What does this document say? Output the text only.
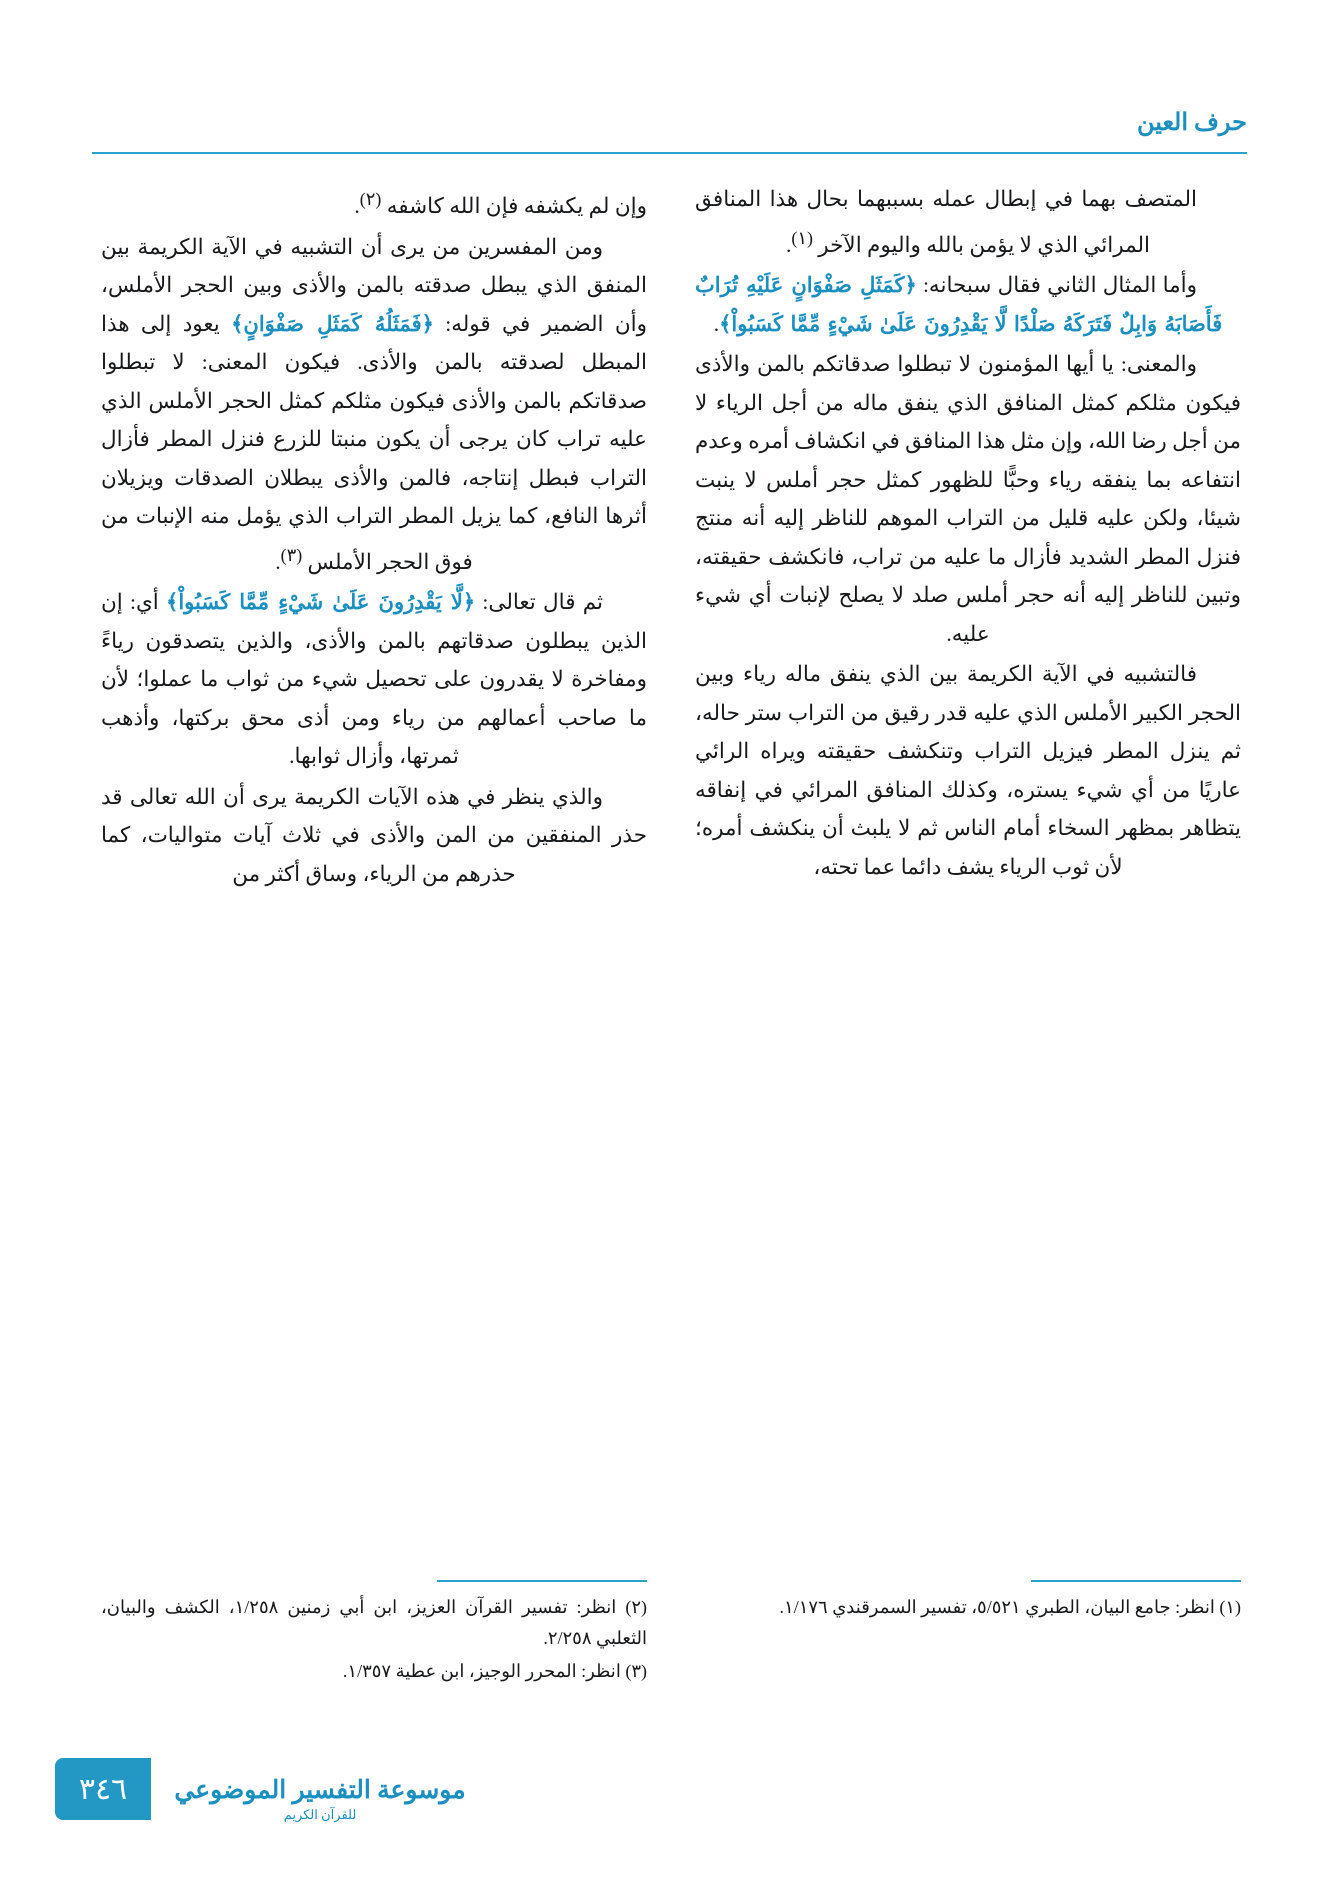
حرف العين

المتصف بهما في إبطال عمله بسببهما بحال هذا المنافق المرائي الذي لا يؤمن بالله واليوم الآخر $^{(١)}$.

وأما المثال الثاني فقال سبحانه: ﴿كَمَثَلِ صَفْوَانٍ عَلَيْهِ تُرَابٌ فَأَصَابَهُ وَابِلٌ فَتَرَكَهُ صَلْدًا لَّا يَقْدِرُونَ عَلَىٰ شَيْءٍ مِّمَّا كَسَبُواْ﴾.

والمعنى: يا أيها المؤمنون لا تبطلوا صدقاتكم بالمن والأذى فيكون مثلكم كمثل المنافق الذي ينفق ماله من أجل الرياء لا من أجل رضا الله، وإن مثل هذا المنافق في انكشاف أمره وعدم انتفاعه بما ينفقه رياء وحبًّا للظهور كمثل حجر أملس لا ينبت شيئا، ولكن عليه قليل من التراب الموهم للناظر إليه أنه منتج فنزل المطر الشديد فأزال ما عليه من تراب، فانكشف حقيقته، وتبين للناظر إليه أنه حجر أملس صلد لا يصلح لإنبات أي شيء عليه.

فالتشبيه في الآية الكريمة بين الذي ينفق ماله رياء وبين الحجر الكبير الأملس الذي عليه قدر رقيق من التراب ستر حاله، ثم ينزل المطر فيزيل التراب وتنكشف حقيقته ويراه الرائي عاريًا من أي شيء يستره، وكذلك المنافق المرائي في إنفاقه يتظاهر بمظهر السخاء أمام الناس ثم لا يلبث أن ينكشف أمره؛ لأن ثوب الرياء يشف دائما عما تحته،

وإن لم يكشفه فإن الله كاشفه $^{(٢)}$.

ومن المفسرين من يرى أن التشبيه في الآية الكريمة بين المنفق الذي يبطل صدقته بالمن والأذى وبين الحجر الأملس، وأن الضمير في قوله: ﴿فَمَثَلُهُ كَمَثَلِ صَفْوَانٍ﴾ يعود إلى هذا المبطل لصدقته بالمن والأذى. فيكون المعنى: لا تبطلوا صدقاتكم بالمن والأذى فيكون مثلكم كمثل الحجر الأملس الذي عليه تراب كان يرجى أن يكون منبتا للزرع فنزل المطر فأزال التراب فبطل إنتاجه، فالمن والأذى يبطلان الصدقات ويزيلان أثرها النافع، كما يزيل المطر التراب الذي يؤمل منه الإنبات من فوق الحجر الأملس $^{(٣)}$.

ثم قال تعالى: ﴿لَّا يَقْدِرُونَ عَلَىٰ شَيْءٍ مِّمَّا كَسَبُواْ﴾ أي: إن الذين يبطلون صدقاتهم بالمن والأذى، والذين يتصدقون رياءً ومفاخرة لا يقدرون على تحصيل شيء من ثواب ما عملوا؛ لأن ما صاحب أعمالهم من رياء ومن أذى محق بركتها، وأذهب ثمرتها، وأزال ثوابها.

والذي ينظر في هذه الآيات الكريمة يرى أن الله تعالى قد حذر المنفقين من المن والأذى في ثلاث آيات متواليات، كما حذرهم من الرياء، وساق أكثر من

(١) انظر: جامع البيان، الطبري ٥/٥٢١، تفسير السمرقندي ١/١٧٦.

(٢) انظر: تفسير القرآن العزيز، ابن أبي زمنين ١/٢٥٨، الكشف والبيان، الثعلبي ٢/٢٥٨.

(٣) انظر: المحرر الوجيز، ابن عطية ١/٣٥٧.

موسوعة التفسير الموضوعي
للقرآن الكريم
٣٤٦
